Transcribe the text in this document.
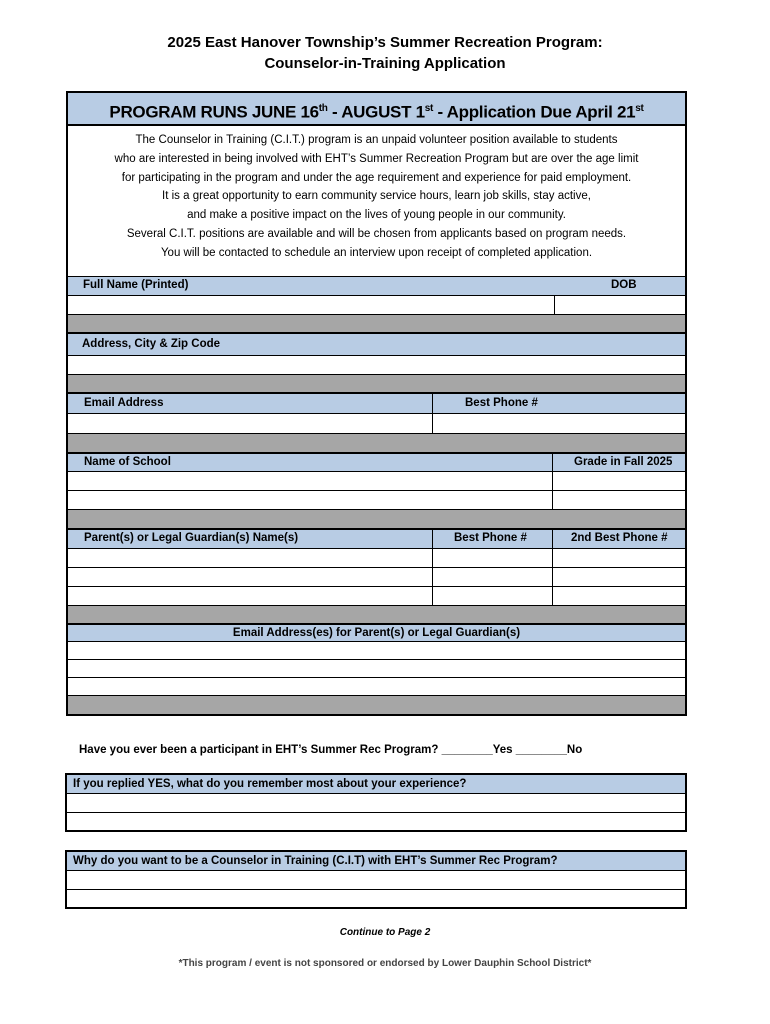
2025 East Hanover Township’s Summer Recreation Program:
Counselor-in-Training Application
PROGRAM RUNS JUNE 16th - AUGUST 1st - Application Due April 21st
The Counselor in Training (C.I.T.) program is an unpaid volunteer position available to students
who are interested in being involved with EHT’s Summer Recreation Program but are over the age limit
for participating in the program and under the age requirement and experience for paid employment.
It is a great opportunity to earn community service hours, learn job skills, stay active,
and make a positive impact on the lives of young people in our community.
Several C.I.T. positions are available and will be chosen from applicants based on program needs.
You will be contacted to schedule an interview upon receipt of completed application.
Full Name (Printed)	DOB
Address, City & Zip Code
Email Address	Best Phone #
Name of School	Grade in Fall 2025
Parent(s) or Legal Guardian(s) Name(s)	Best Phone #	2nd Best Phone #
Email Address(es) for Parent(s) or Legal Guardian(s)
Have you ever been a participant in EHT’s Summer Rec Program? ________Yes ________No
If you replied YES, what do you remember most about your experience?
Why do you want to be a Counselor in Training (C.I.T) with EHT’s Summer Rec Program?
Continue to Page 2
*This program / event is not sponsored or endorsed by Lower Dauphin School District*
